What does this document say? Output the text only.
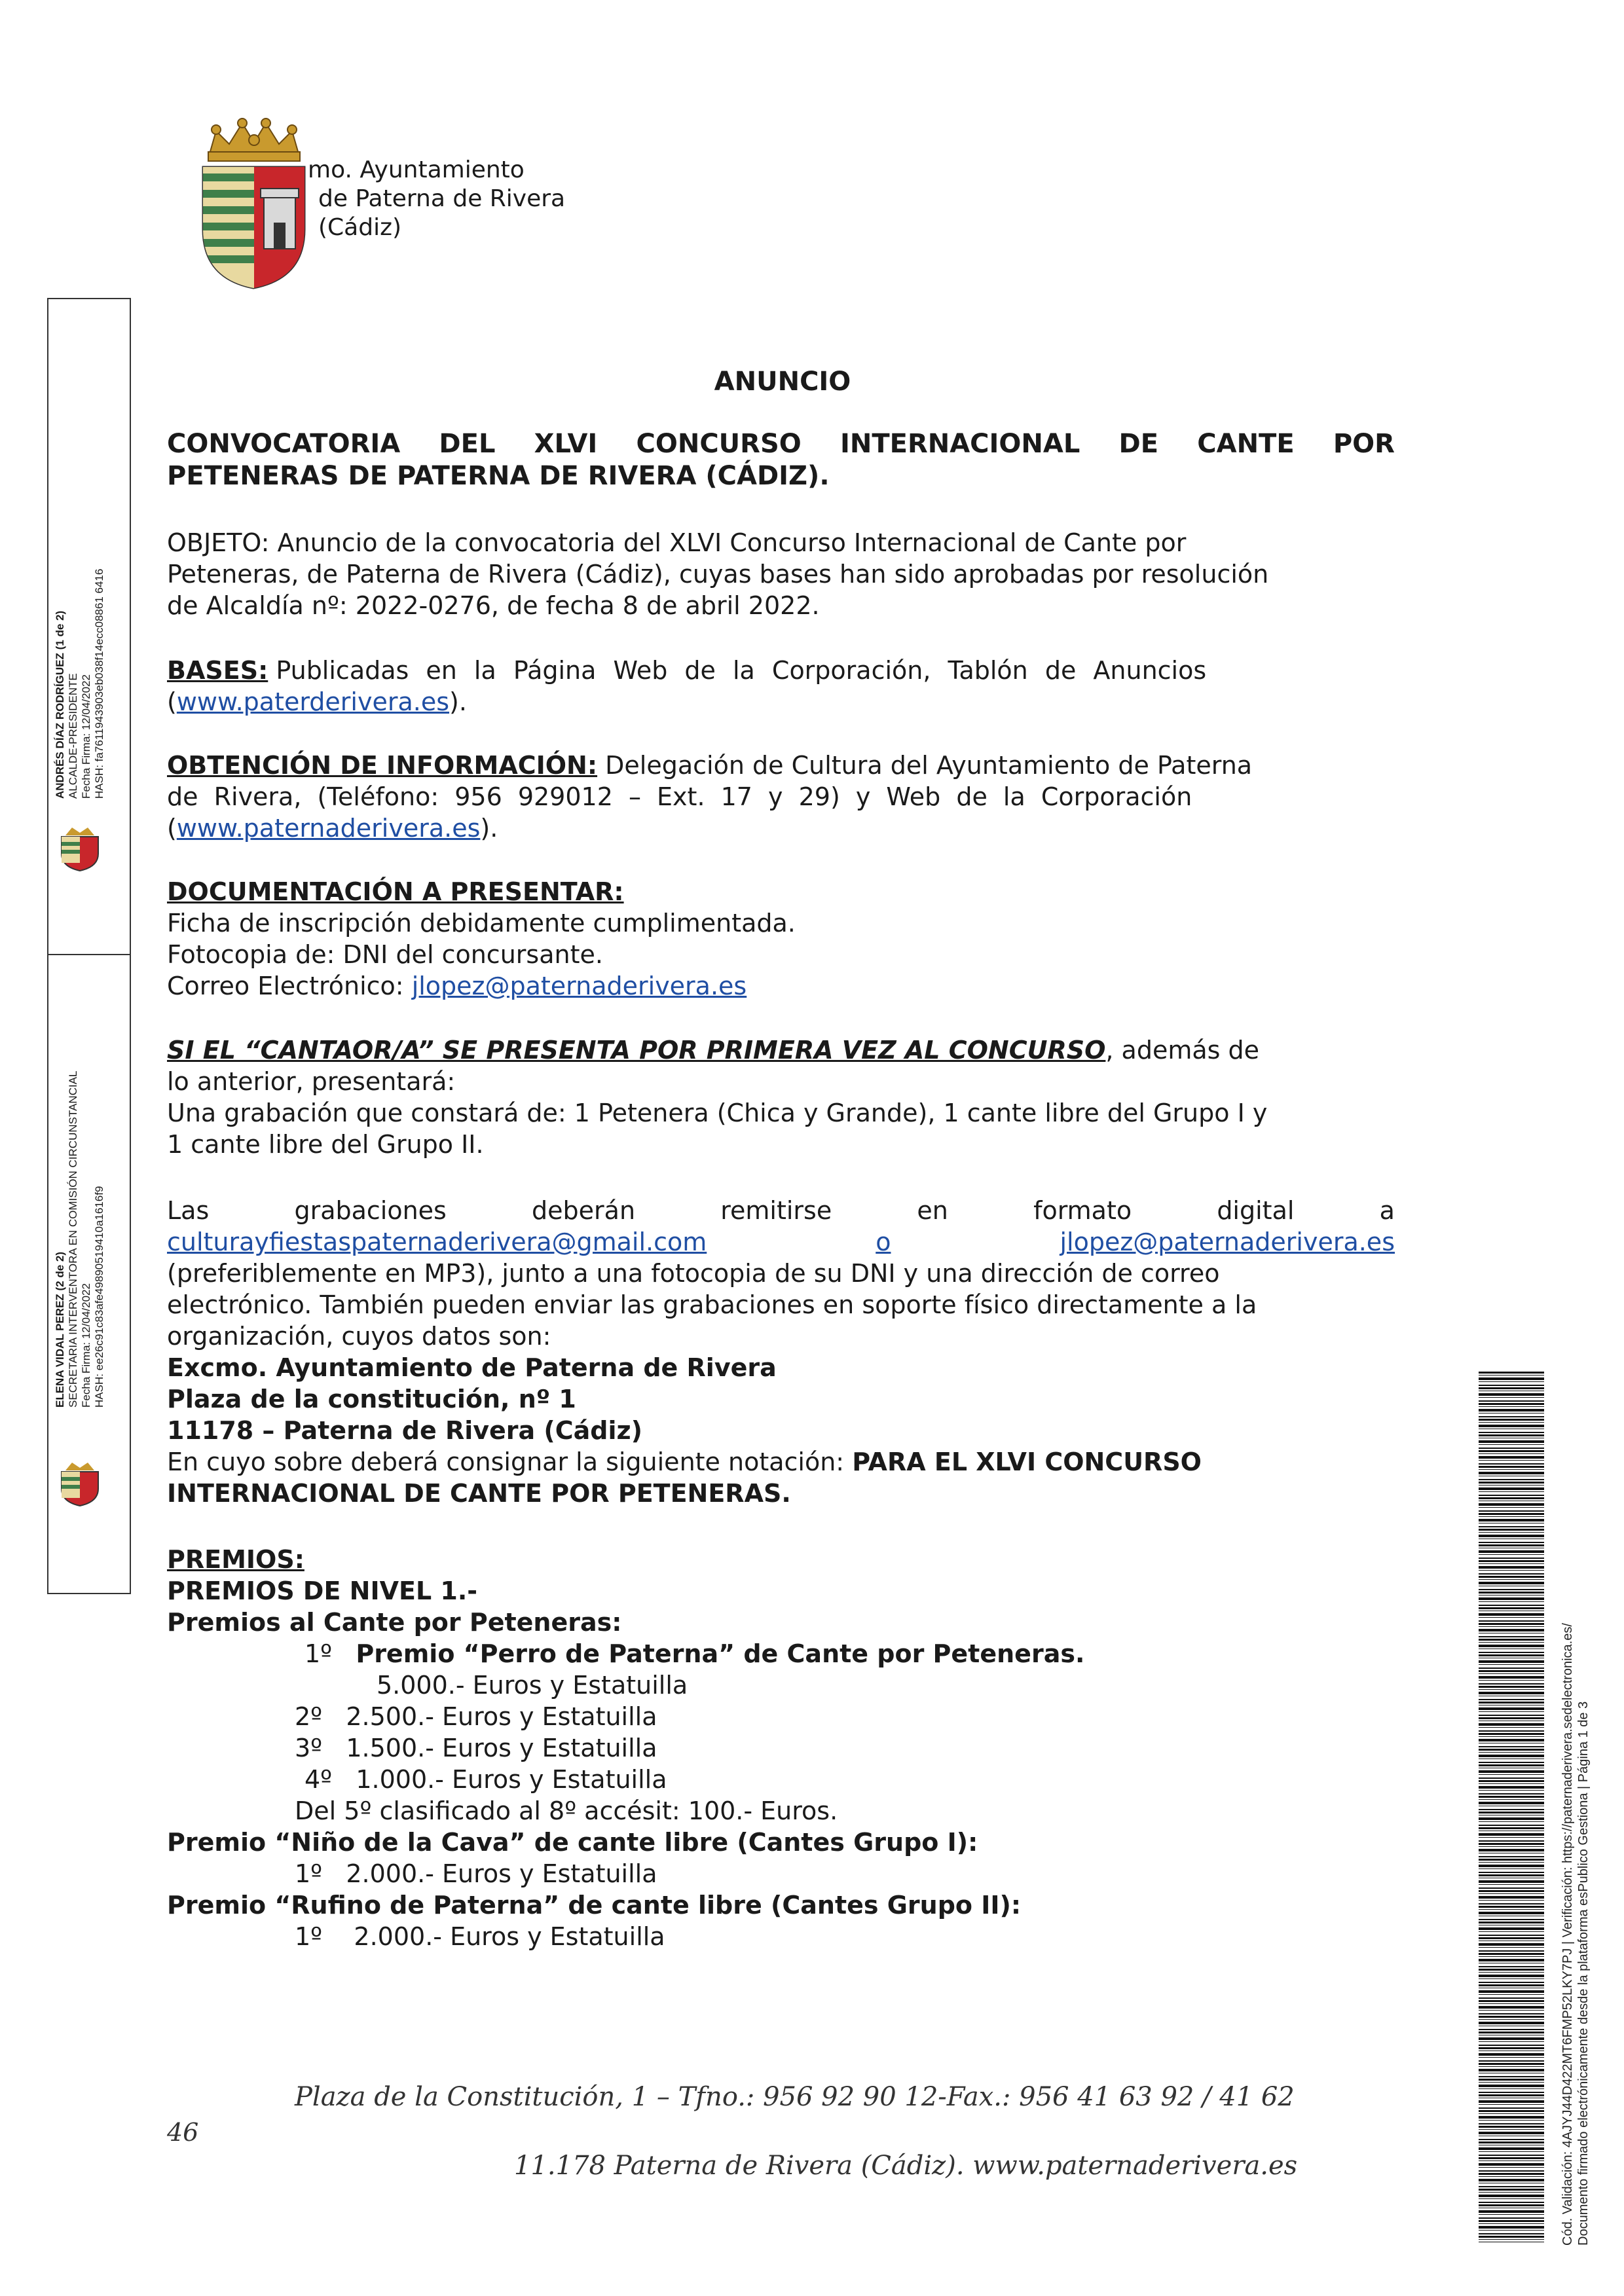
mo. Ayuntamiento
de Paterna de Rivera
(Cádiz)
ANDRÉS DÍAZ RODRÍGUEZ (1 de 2) ALCALDE-PRESIDENTE Fecha Firma: 12/04/2022 HASH: fa7611943903eb038f14ecc08861 6416
ELENA VIDAL PEREZ (2 de 2) SECRETARIA INTERVENTORA EN COMISIÓN CIRCUNSTANCIAL Fecha Firma: 12/04/2022 HASH: ee26c91c83afe49890519410a1616f9
ANUNCIO
CONVOCATORIA DEL XLVI CONCURSO INTERNACIONAL DE CANTE POR
PETENERAS DE PATERNA DE RIVERA (CÁDIZ).
OBJETO: Anuncio de la convocatoria del XLVI Concurso Internacional de Cante por
Peteneras, de Paterna de Rivera (Cádiz), cuyas bases han sido aprobadas por resolución
de Alcaldía nº: 2022-0276, de fecha 8 de abril 2022.
BASES: Publicadas en la Página Web de la Corporación, Tablón de Anuncios
(www.paterderivera.es).
OBTENCIÓN DE INFORMACIÓN: Delegación de Cultura del Ayuntamiento de Paterna
de Rivera, (Teléfono: 956 929012 – Ext. 17 y 29) y Web de la Corporación
(www.paternaderivera.es).
DOCUMENTACIÓN A PRESENTAR:
Ficha de inscripción debidamente cumplimentada.
Fotocopia de: DNI del concursante.
Correo Electrónico: jlopez@paternaderivera.es
SI EL “CANTAOR/A” SE PRESENTA POR PRIMERA VEZ AL CONCURSO, además de
lo anterior, presentará:
Una grabación que constará de: 1 Petenera (Chica y Grande), 1 cante libre del Grupo I y
1 cante libre del Grupo II.
Las	grabaciones	deberán	remitirse	en	formato	digital	a
culturayfiestaspaternaderivera@gmail.com	o	jlopez@paternaderivera.es
(preferiblemente en MP3), junto a una fotocopia de su DNI y una dirección de correo
electrónico. También pueden enviar las grabaciones en soporte físico directamente a la
organización, cuyos datos son:
Excmo. Ayuntamiento de Paterna de Rivera
Plaza de la constitución, nº 1
11178 – Paterna de Rivera (Cádiz)
En cuyo sobre deberá consignar la siguiente notación: PARA EL XLVI CONCURSO
INTERNACIONAL DE CANTE POR PETENERAS.
PREMIOS:
PREMIOS DE NIVEL 1.-
Premios al Cante por Peteneras:
1º Premio “Perro de Paterna” de Cante por Peteneras.
5.000.- Euros y Estatuilla
2º 2.500.- Euros y Estatuilla
3º 1.500.- Euros y Estatuilla
4º 1.000.- Euros y Estatuilla
Del 5º clasificado al 8º accésit: 100.- Euros.
Premio “Niño de la Cava” de cante libre (Cantes Grupo I):
1º 2.000.- Euros y Estatuilla
Premio “Rufino de Paterna” de cante libre (Cantes Grupo II):
1º 2.000.- Euros y Estatuilla
Plaza de la Constitución, 1 – Tfno.: 956 92 90 12-Fax.: 956 41 63 92 / 41 62
46
11.178 Paterna de Rivera (Cádiz). www.paternaderivera.es	Cód. Validación: 4AJYJ44D422MT6FMP52LKY7PJ | Verificación: https://paternaderivera.sedelectronica.es/ Documento firmado electrónicamente desde la plataforma esPublico Gestiona | Página 1 de 3
